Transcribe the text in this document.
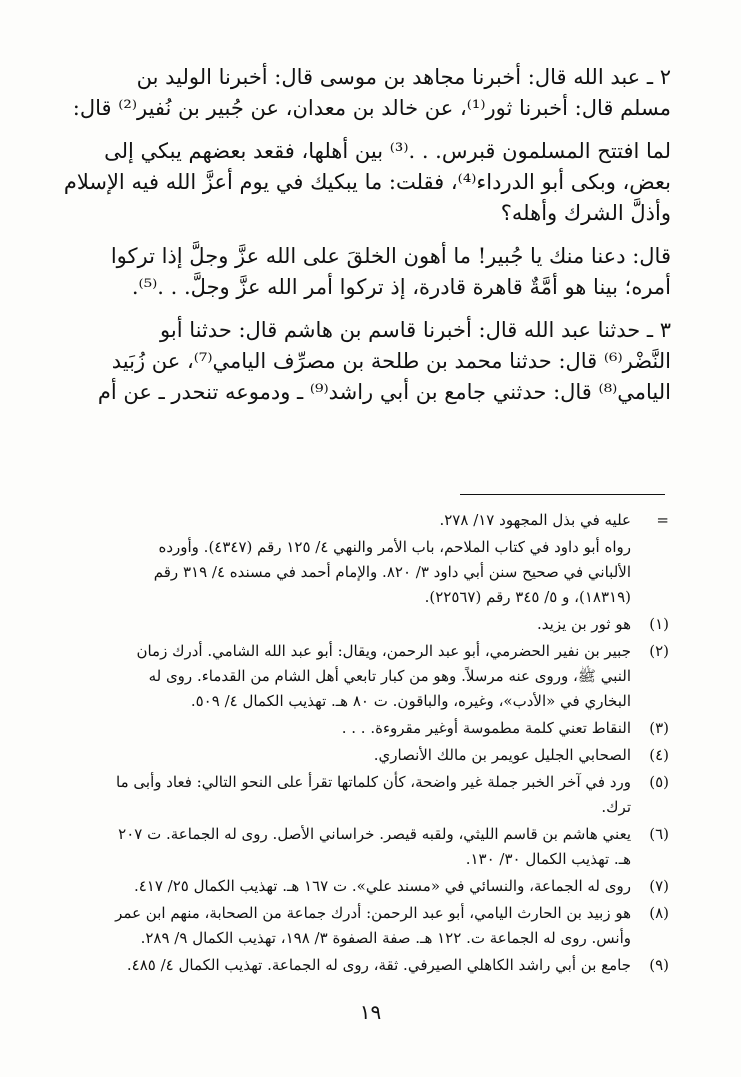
٢ ـ عبد الله قال: أخبرنا مجاهد بن موسى قال: أخبرنا الوليد بن
مسلم قال: أخبرنا ثور⁽¹⁾، عن خالد بن معدان، عن جُبير بن نُفير⁽²⁾ قال:

لما افتتح المسلمون قبرس. . .⁽³⁾ بين أهلها، فقعد بعضهم يبكي إلى
بعض، وبكى أبو الدرداء⁽⁴⁾، فقلت: ما يبكيك في يوم أعزَّ الله فيه الإسلام
وأذلَّ الشرك وأهله؟

قال: دعنا منك يا جُبير! ما أهون الخلقَ على الله عزَّ وجلَّ إذا تركوا
أمره؛ بينا هو أمَّةٌ قاهرة قادرة، إذ تركوا أمر الله عزَّ وجلَّ. . .⁽⁵⁾.

٣ ـ حدثنا عبد الله قال: أخبرنا قاسم بن هاشم قال: حدثنا أبو
النَّضْر⁽⁶⁾ قال: حدثنا محمد بن طلحة بن مصرِّف اليامي⁽⁷⁾، عن زُبَيد
اليامي⁽⁸⁾ قال: حدثني جامع بن أبي راشد⁽⁹⁾ ـ ودموعه تنحدر ـ عن أم

=
عليه في بذل المجهود ١٧/ ٢٧٨.
رواه أبو داود في كتاب الملاحم، باب الأمر والنهي ٤/ ١٢٥ رقم (٤٣٤٧). وأورده
الألباني في صحيح سنن أبي داود ٣/ ٨٢٠. والإمام أحمد في مسنده ٤/ ٣١٩ رقم
(١٨٣١٩)، و ٥/ ٣٤٥ رقم (٢٢٥٦٧).
(١)
هو ثور بن يزيد.
(٢)
جبير بن نفير الحضرمي، أبو عبد الرحمن، ويقال: أبو عبد الله الشامي. أدرك زمان
النبي ﷺ، وروى عنه مرسلاً. وهو من كبار تابعي أهل الشام من القدماء. روى له
البخاري في «الأدب»، وغيره، والباقون. ت ٨٠ هـ. تهذيب الكمال ٤/ ٥٠٩.
(٣)
النقاط تعني كلمة مطموسة أوغير مقروءة. . . .
(٤)
الصحابي الجليل عويمر بن مالك الأنصاري.
(٥)
ورد في آخر الخبر جملة غير واضحة، كأن كلماتها تقرأ على النحو التالي: فعاد وأبى ما
ترك.
(٦)
يعني هاشم بن قاسم الليثي، ولقبه قيصر. خراساني الأصل. روى له الجماعة. ت ٢٠٧
هـ. تهذيب الكمال ٣٠/ ١٣٠.
(٧)
روى له الجماعة، والنسائي في «مسند علي». ت ١٦٧ هـ. تهذيب الكمال ٢٥/ ٤١٧.
(٨)
هو زبيد بن الحارث اليامي، أبو عبد الرحمن: أدرك جماعة من الصحابة، منهم ابن عمر
وأنس. روى له الجماعة ت. ١٢٢ هـ. صفة الصفوة ٣/ ١٩٨، تهذيب الكمال ٩/ ٢٨٩.
(٩)
جامع بن أبي راشد الكاهلي الصيرفي. ثقة، روى له الجماعة. تهذيب الكمال ٤/ ٤٨٥.
١٩
